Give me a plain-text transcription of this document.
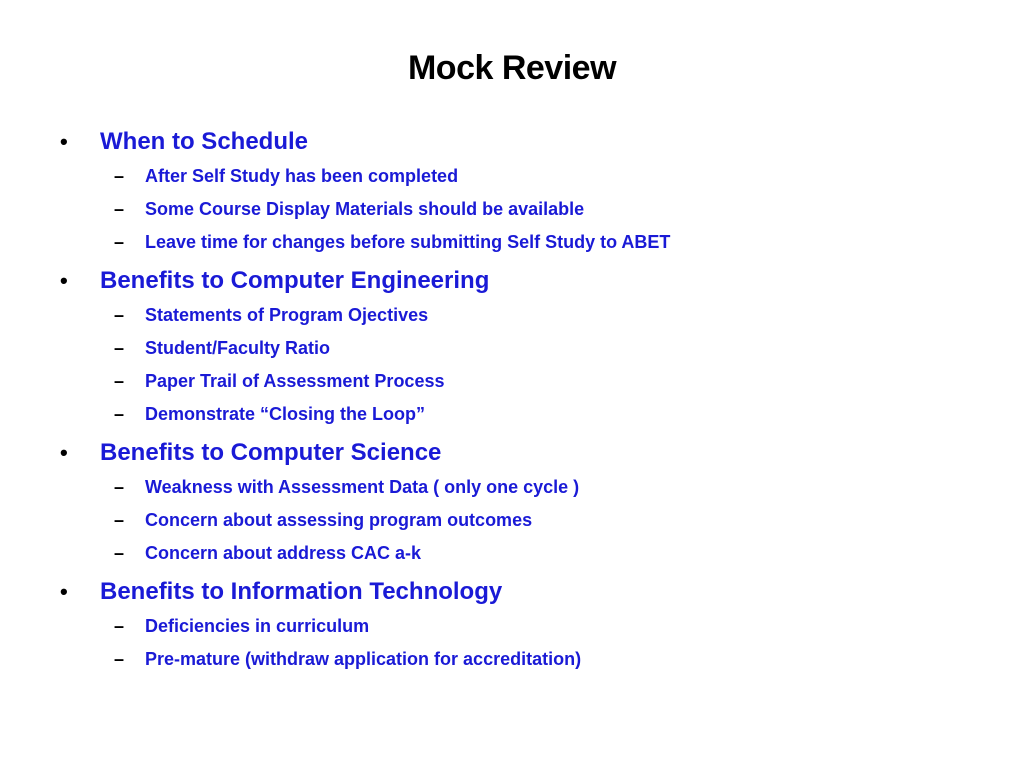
Mock Review
• When to Schedule
– After Self Study has been completed
– Some Course Display Materials should be available
– Leave time for changes before submitting Self Study to ABET
• Benefits to Computer Engineering
– Statements of Program Ojectives
– Student/Faculty Ratio
– Paper Trail of Assessment Process
– Demonstrate “Closing the Loop”
• Benefits to Computer Science
– Weakness with Assessment Data ( only one cycle )
– Concern about assessing program outcomes
– Concern about address CAC a-k
• Benefits to Information Technology
– Deficiencies in curriculum
– Pre-mature (withdraw application for accreditation)
